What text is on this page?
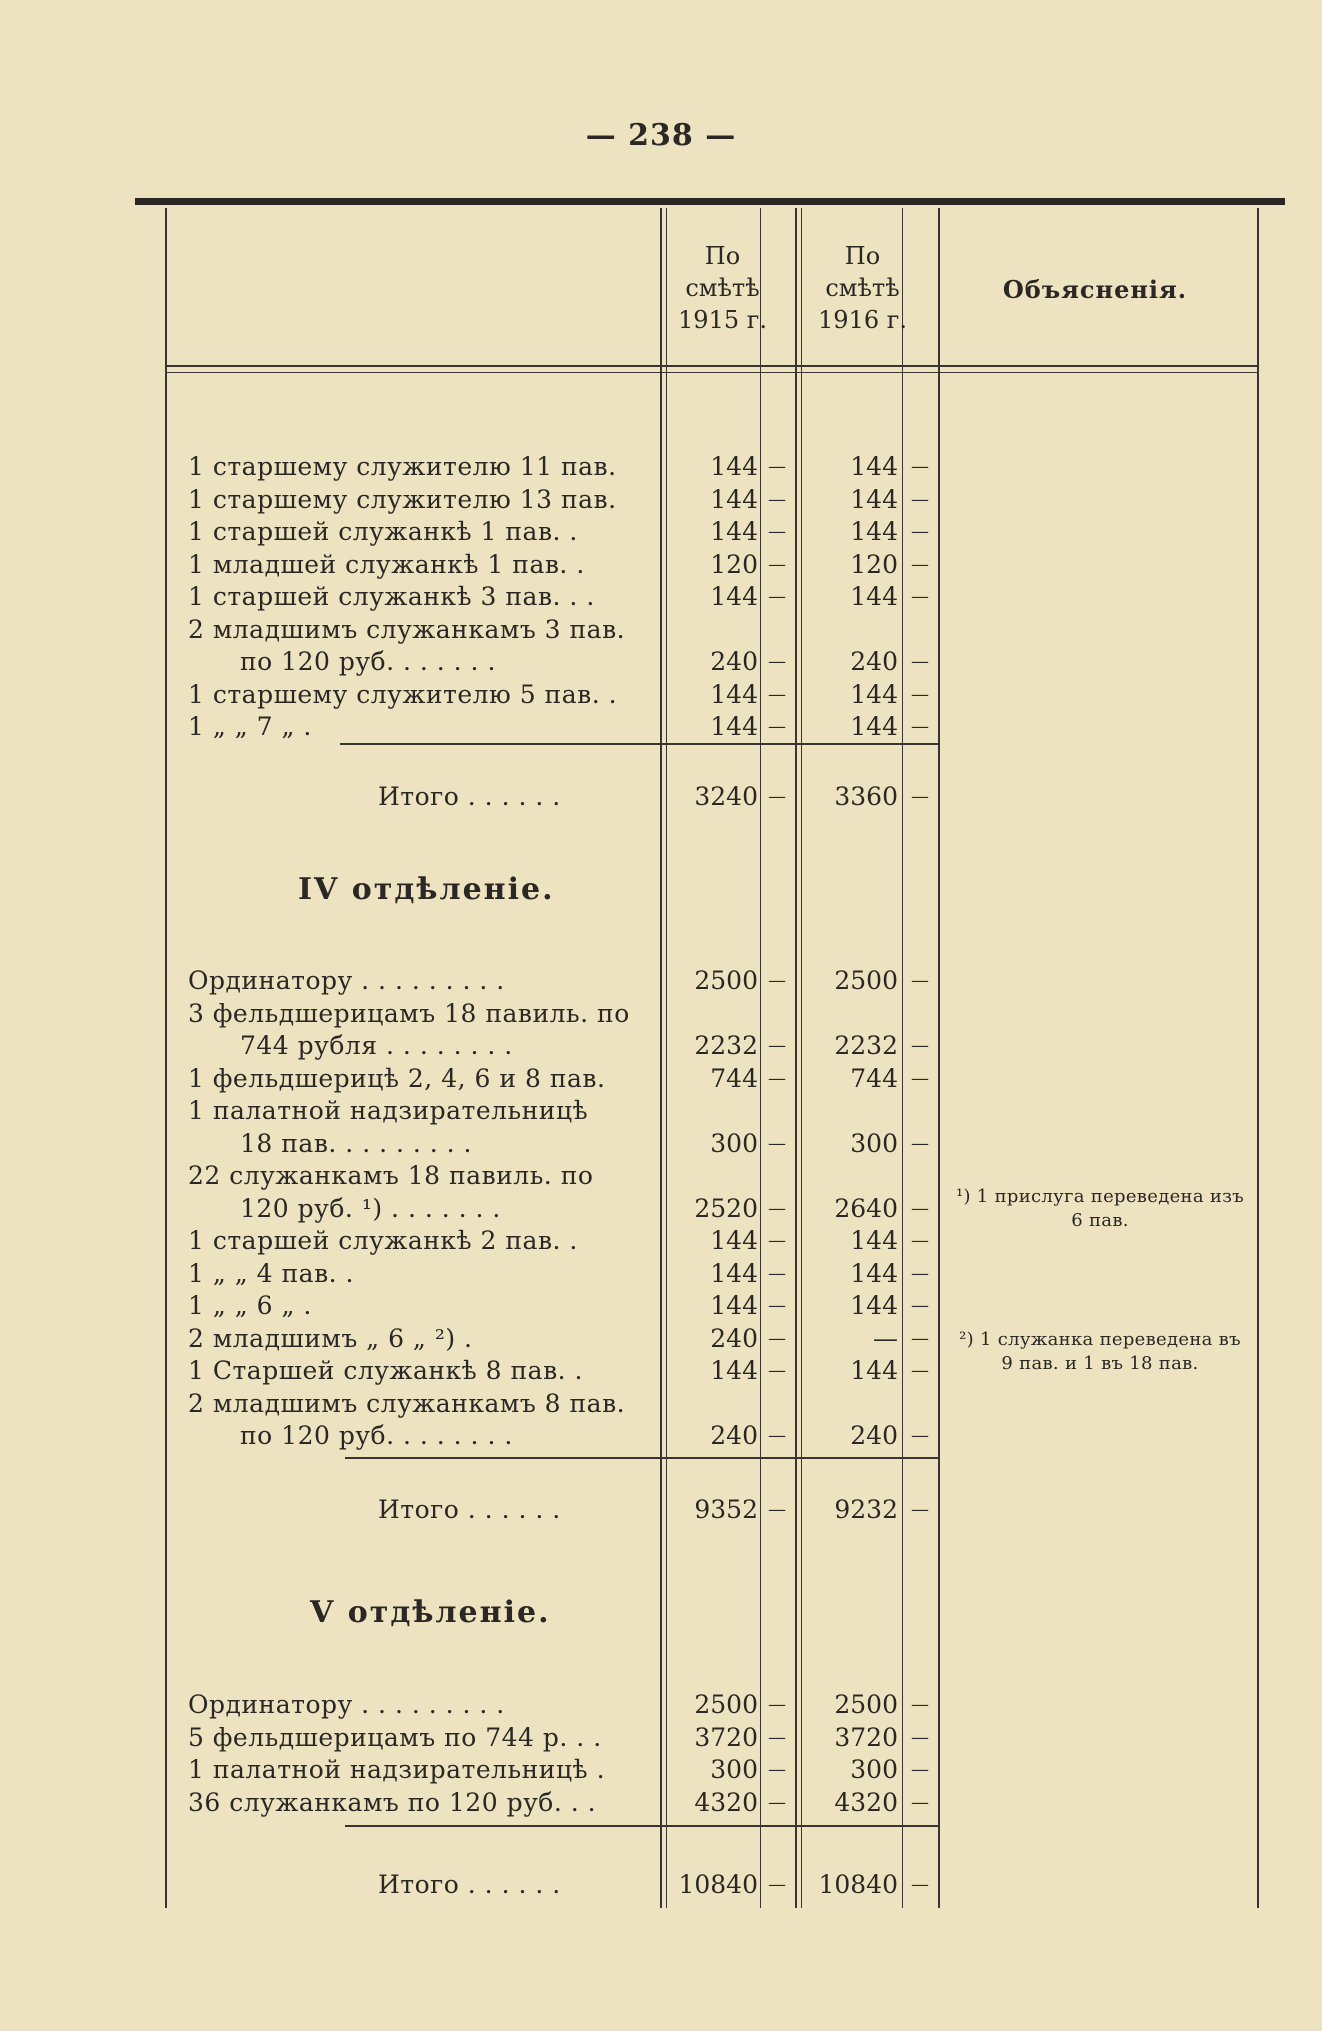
— 238 —
По
смѣтѣ
1915 г.
По
смѣтѣ
1916 г.
Объясненія.
1 старшему служителю 11 пав.	144 —	144 —
1 старшему служителю 13 пав.	144 —	144 —
1 старшей служанкѣ 1 пав. .	144 —	144 —
1 младшей служанкѣ 1 пав. .	120 —	120 —
1 старшей служанкѣ 3 пав. . .	144 —	144 —
2 младшимъ служанкамъ 3 пав.
по 120 руб. . . . . . .	240 —	240 —
1 старшему служителю 5 пав. .	144 —	144 —
1 „ „ 7 „ .	144 —	144 —
Итого . . . . . .	3240 —	3360 —
Ординатору . . . . . . . . .	2500 —	2500 —
3 фельдшерицамъ 18 павиль. по
744 рубля . . . . . . . .	2232 —	2232 —
1 фельдшерицѣ 2, 4, 6 и 8 пав.	744 —	744 —
1 палатной надзирательницѣ
18 пав. . . . . . . . .	300 —	300 —
22 служанкамъ 18 павиль. по
120 руб. ¹) . . . . . . .	2520 —	2640 —
1 старшей служанкѣ 2 пав. .	144 —	144 —
1 „ „ 4 пав. .	144 —	144 —
1 „ „ 6 „ .	144 —	144 —
2 младшимъ „ 6 „ ²) .	240 —	— —
1 Старшей служанкѣ 8 пав. .	144 —	144 —
2 младшимъ служанкамъ 8 пав.
по 120 руб. . . . . . . .	240 —	240 —
Итого . . . . . .	9352 —	9232 —
Ординатору . . . . . . . . .	2500 —	2500 —
5 фельдшерицамъ по 744 р. . .	3720 —	3720 —
1 палатной надзирательницѣ .	300 —	300 —
36 служанкамъ по 120 руб. . .	4320 —	4320 —
Итого . . . . . .	10840 —	10840 —
IV отдѣленіе.
V отдѣленіе.
¹) 1 прислуга переведена изъ 6 пав.
²) 1 служанка переведена въ 9 пав. и 1 въ 18 пав.
